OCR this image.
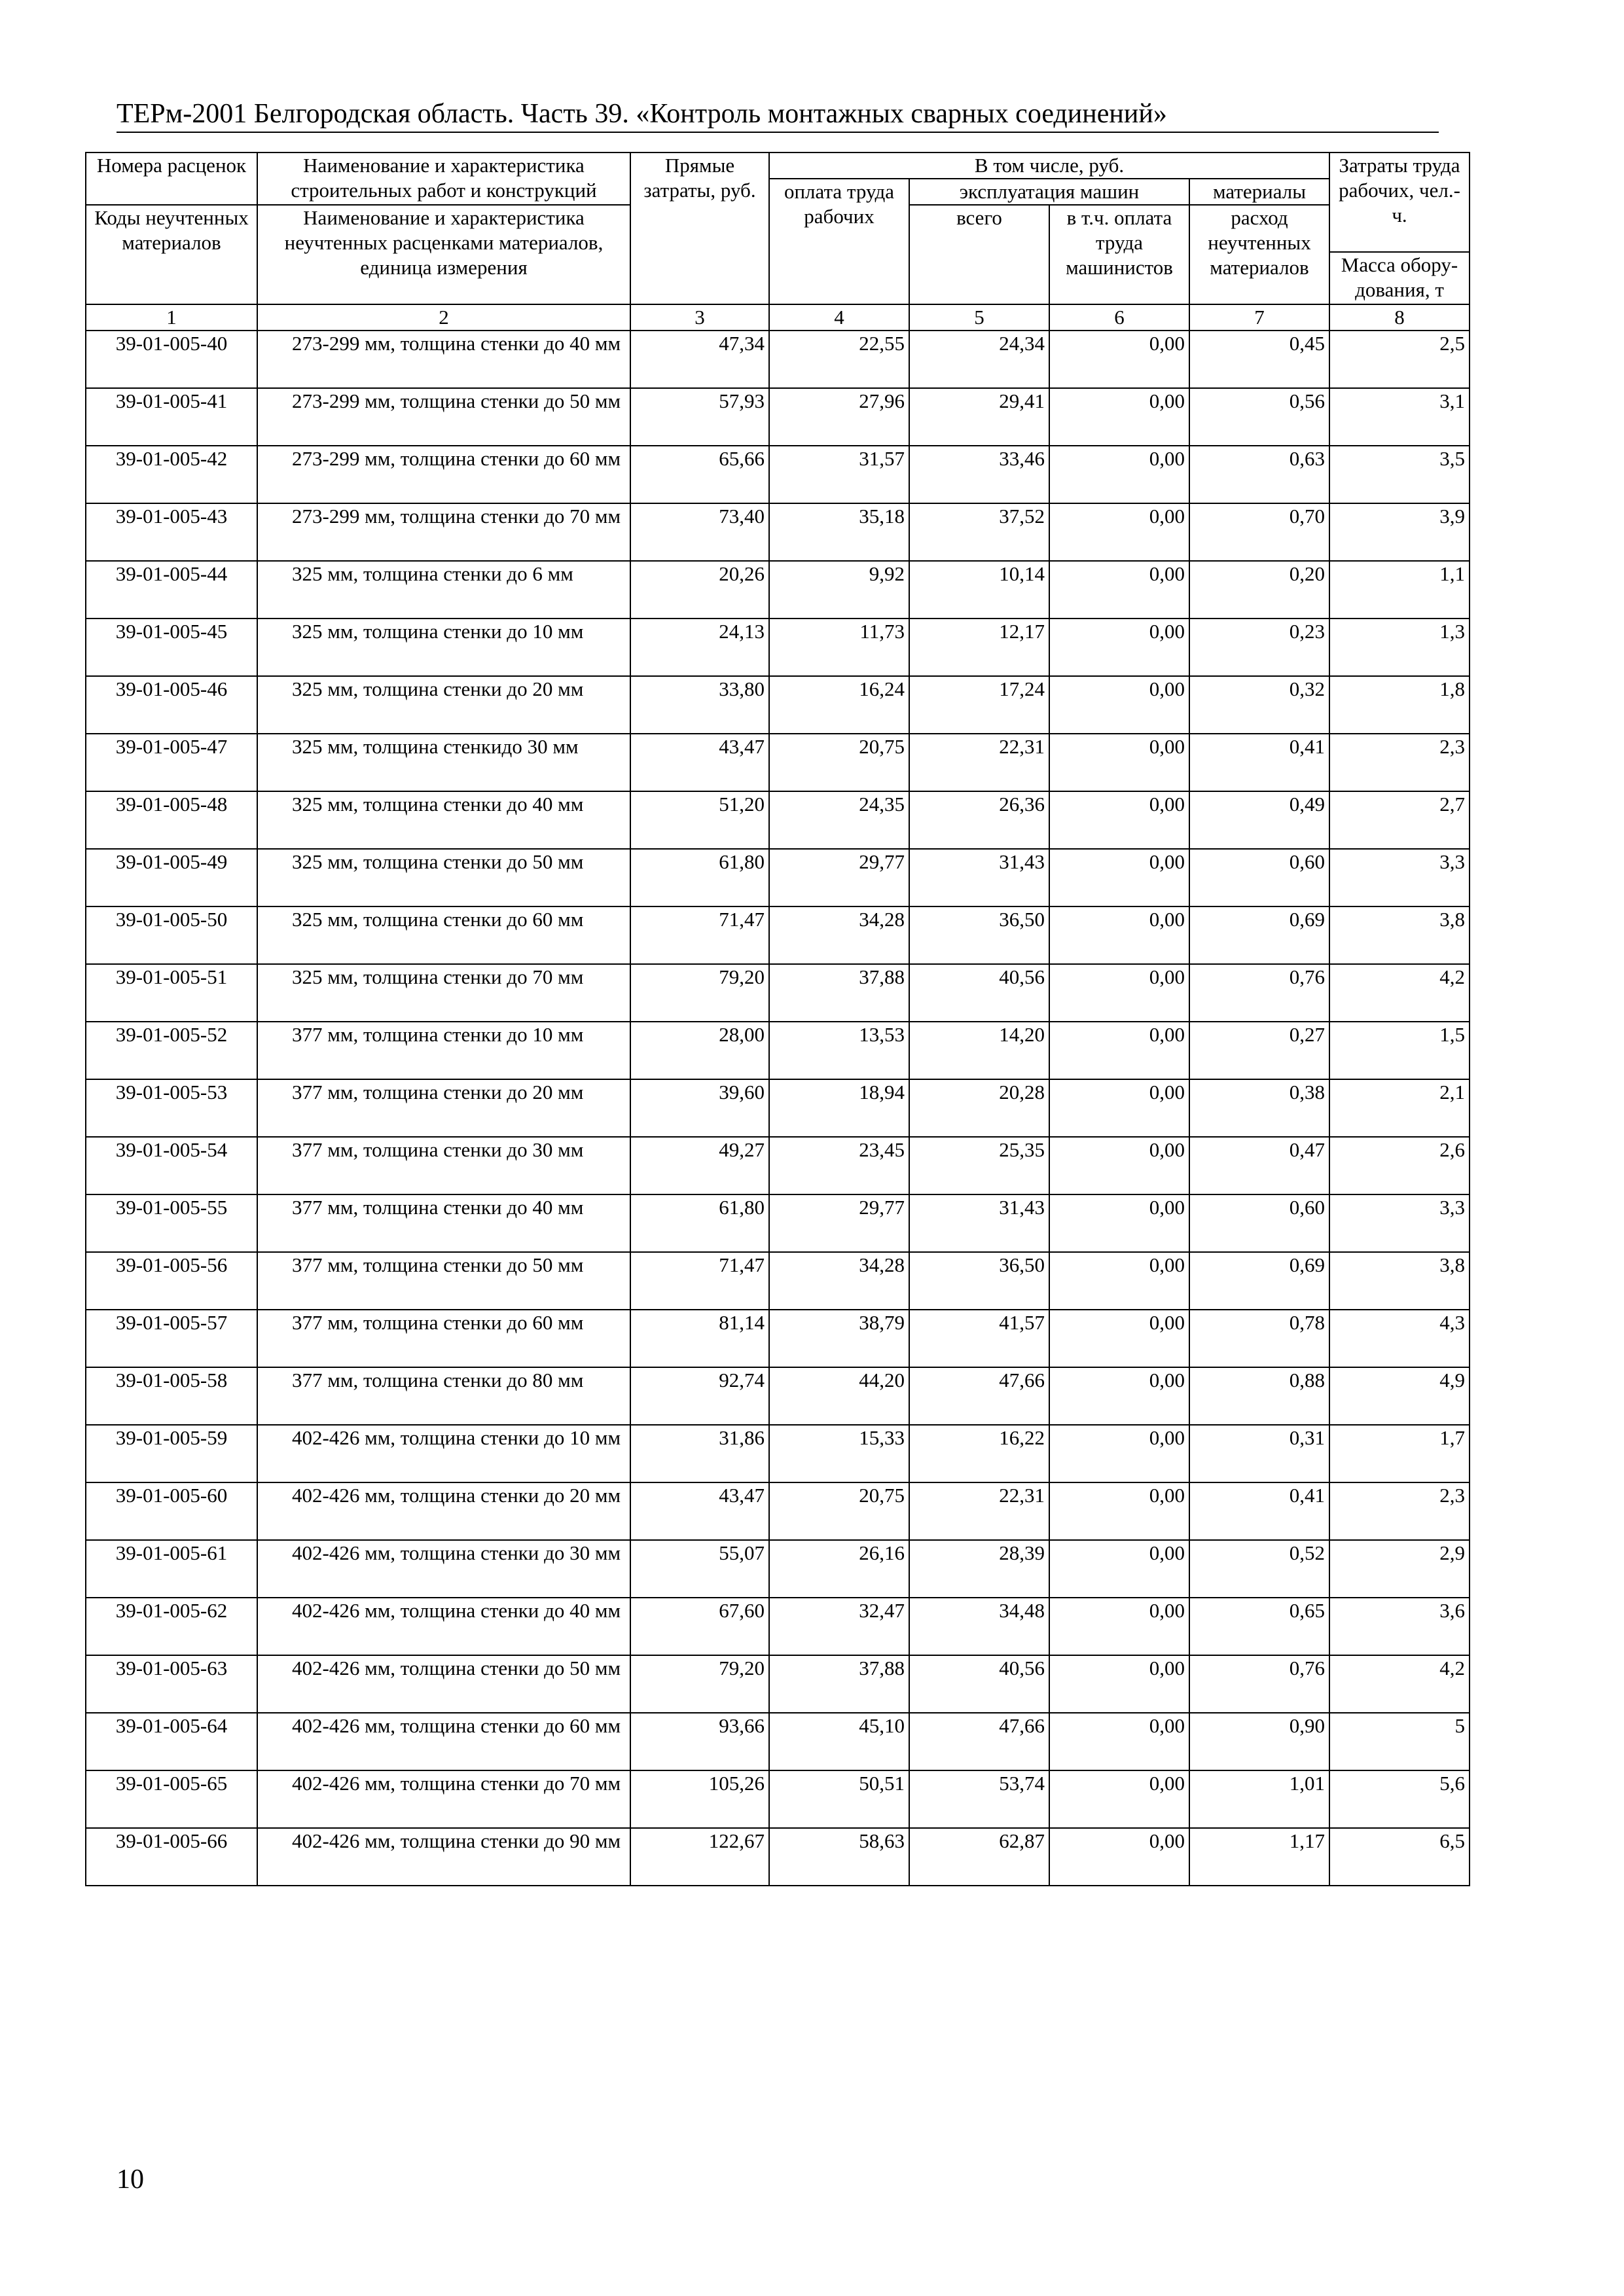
ТЕРм-2001 Белгородская область. Часть 39. «Контроль монтажных сварных соединений»
Номера расценок	Наименование и характеристика строительных работ и конструкций	Прямые затраты, руб.	В том числе, руб.				Затраты труда рабочих, чел.-ч.
			оплата труда рабочих	эксплуатация машин		материалы	
Коды неучтенных материалов	Наименование и характеристика неучтенных расценками материалов, единица измерения			всего	в т.ч. оплата труда машинистов	расход неучтенных материалов	
							Масса обору-дования, т
1	2	3	4	5	6	7	8
39-01-005-40	273-299 мм, толщина стенки до 40 мм	47,34	22,55	24,34	0,00	0,45	2,5
39-01-005-41	273-299 мм, толщина стенки до 50 мм	57,93	27,96	29,41	0,00	0,56	3,1
39-01-005-42	273-299 мм, толщина стенки до 60 мм	65,66	31,57	33,46	0,00	0,63	3,5
39-01-005-43	273-299 мм, толщина стенки до 70 мм	73,40	35,18	37,52	0,00	0,70	3,9
39-01-005-44	325 мм, толщина стенки до 6 мм	20,26	9,92	10,14	0,00	0,20	1,1
39-01-005-45	325 мм, толщина стенки до 10 мм	24,13	11,73	12,17	0,00	0,23	1,3
39-01-005-46	325 мм, толщина стенки до 20 мм	33,80	16,24	17,24	0,00	0,32	1,8
39-01-005-47	325 мм, толщина стенкидо 30 мм	43,47	20,75	22,31	0,00	0,41	2,3
39-01-005-48	325 мм, толщина стенки до 40 мм	51,20	24,35	26,36	0,00	0,49	2,7
39-01-005-49	325 мм, толщина стенки до 50 мм	61,80	29,77	31,43	0,00	0,60	3,3
39-01-005-50	325 мм, толщина стенки до 60 мм	71,47	34,28	36,50	0,00	0,69	3,8
39-01-005-51	325 мм, толщина стенки до 70 мм	79,20	37,88	40,56	0,00	0,76	4,2
39-01-005-52	377 мм, толщина стенки до 10 мм	28,00	13,53	14,20	0,00	0,27	1,5
39-01-005-53	377 мм, толщина стенки до 20 мм	39,60	18,94	20,28	0,00	0,38	2,1
39-01-005-54	377 мм, толщина стенки до 30 мм	49,27	23,45	25,35	0,00	0,47	2,6
39-01-005-55	377 мм, толщина стенки до 40 мм	61,80	29,77	31,43	0,00	0,60	3,3
39-01-005-56	377 мм, толщина стенки до 50 мм	71,47	34,28	36,50	0,00	0,69	3,8
39-01-005-57	377 мм, толщина стенки до 60 мм	81,14	38,79	41,57	0,00	0,78	4,3
39-01-005-58	377 мм, толщина стенки до 80 мм	92,74	44,20	47,66	0,00	0,88	4,9
39-01-005-59	402-426 мм, толщина стенки до 10 мм	31,86	15,33	16,22	0,00	0,31	1,7
39-01-005-60	402-426 мм, толщина стенки до 20 мм	43,47	20,75	22,31	0,00	0,41	2,3
39-01-005-61	402-426 мм, толщина стенки до 30 мм	55,07	26,16	28,39	0,00	0,52	2,9
39-01-005-62	402-426 мм, толщина стенки до 40 мм	67,60	32,47	34,48	0,00	0,65	3,6
39-01-005-63	402-426 мм, толщина стенки до 50 мм	79,20	37,88	40,56	0,00	0,76	4,2
39-01-005-64	402-426 мм, толщина стенки до 60 мм	93,66	45,10	47,66	0,00	0,90	5
39-01-005-65	402-426 мм, толщина стенки до 70 мм	105,26	50,51	53,74	0,00	1,01	5,6
39-01-005-66	402-426 мм, толщина стенки до 90 мм	122,67	58,63	62,87	0,00	1,17	6,5
10
